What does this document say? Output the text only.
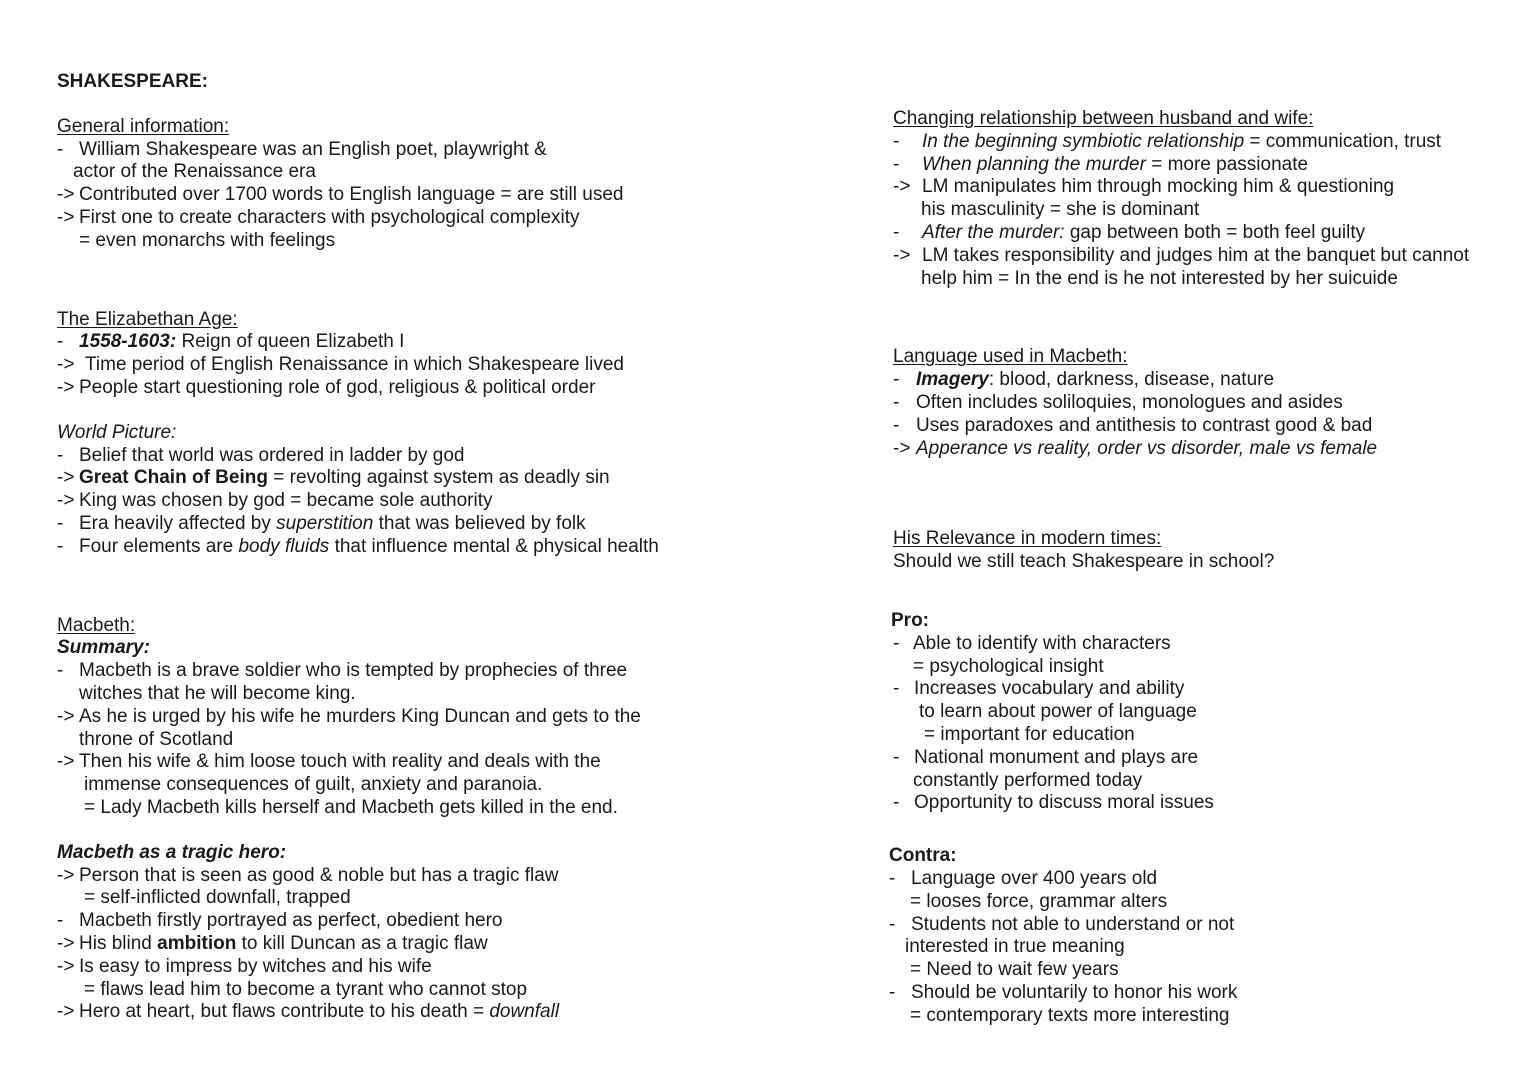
SHAKESPEARE:
General information:
- William Shakespeare was an English poet, playwright &
actor of the Renaissance era
-> Contributed over 1700 words to English language = are still used
-> First one to create characters with psychological complexity
= even monarchs with feelings
The Elizabethan Age:
- 1558-1603: Reign of queen Elizabeth I
-> Time period of English Renaissance in which Shakespeare lived
-> People start questioning role of god, religious & political order
World Picture:
- Belief that world was ordered in ladder by god
-> Great Chain of Being = revolting against system as deadly sin
-> King was chosen by god = became sole authority
- Era heavily affected by superstition that was believed by folk
- Four elements are body fluids that influence mental & physical health
Macbeth:
Summary:
- Macbeth is a brave soldier who is tempted by prophecies of three
witches that he will become king.
-> As he is urged by his wife he murders King Duncan and gets to the
throne of Scotland
-> Then his wife & him loose touch with reality and deals with the
immense consequences of guilt, anxiety and paranoia.
= Lady Macbeth kills herself and Macbeth gets killed in the end.
Macbeth as a tragic hero:
-> Person that is seen as good & noble but has a tragic flaw
= self-inflicted downfall, trapped
- Macbeth firstly portrayed as perfect, obedient hero
-> His blind ambition to kill Duncan as a tragic flaw
-> Is easy to impress by witches and his wife
= flaws lead him to become a tyrant who cannot stop
-> Hero at heart, but flaws contribute to his death = downfall
Changing relationship between husband and wife:
- In the beginning symbiotic relationship = communication, trust
- When planning the murder = more passionate
-> LM manipulates him through mocking him & questioning
his masculinity = she is dominant
- After the murder: gap between both = both feel guilty
-> LM takes responsibility and judges him at the banquet but cannot
help him = In the end is he not interested by her suicuide
Language used in Macbeth:
- Imagery: blood, darkness, disease, nature
- Often includes soliloquies, monologues and asides
- Uses paradoxes and antithesis to contrast good & bad
-> Apperance vs reality, order vs disorder, male vs female
His Relevance in modern times:
Should we still teach Shakespeare in school?
Pro:
- Able to identify with characters
= psychological insight
- Increases vocabulary and ability
to learn about power of language
= important for education
- National monument and plays are
constantly performed today
- Opportunity to discuss moral issues
Contra:
- Language over 400 years old
= looses force, grammar alters
- Students not able to understand or not
interested in true meaning
= Need to wait few years
- Should be voluntarily to honor his work
= contemporary texts more interesting
